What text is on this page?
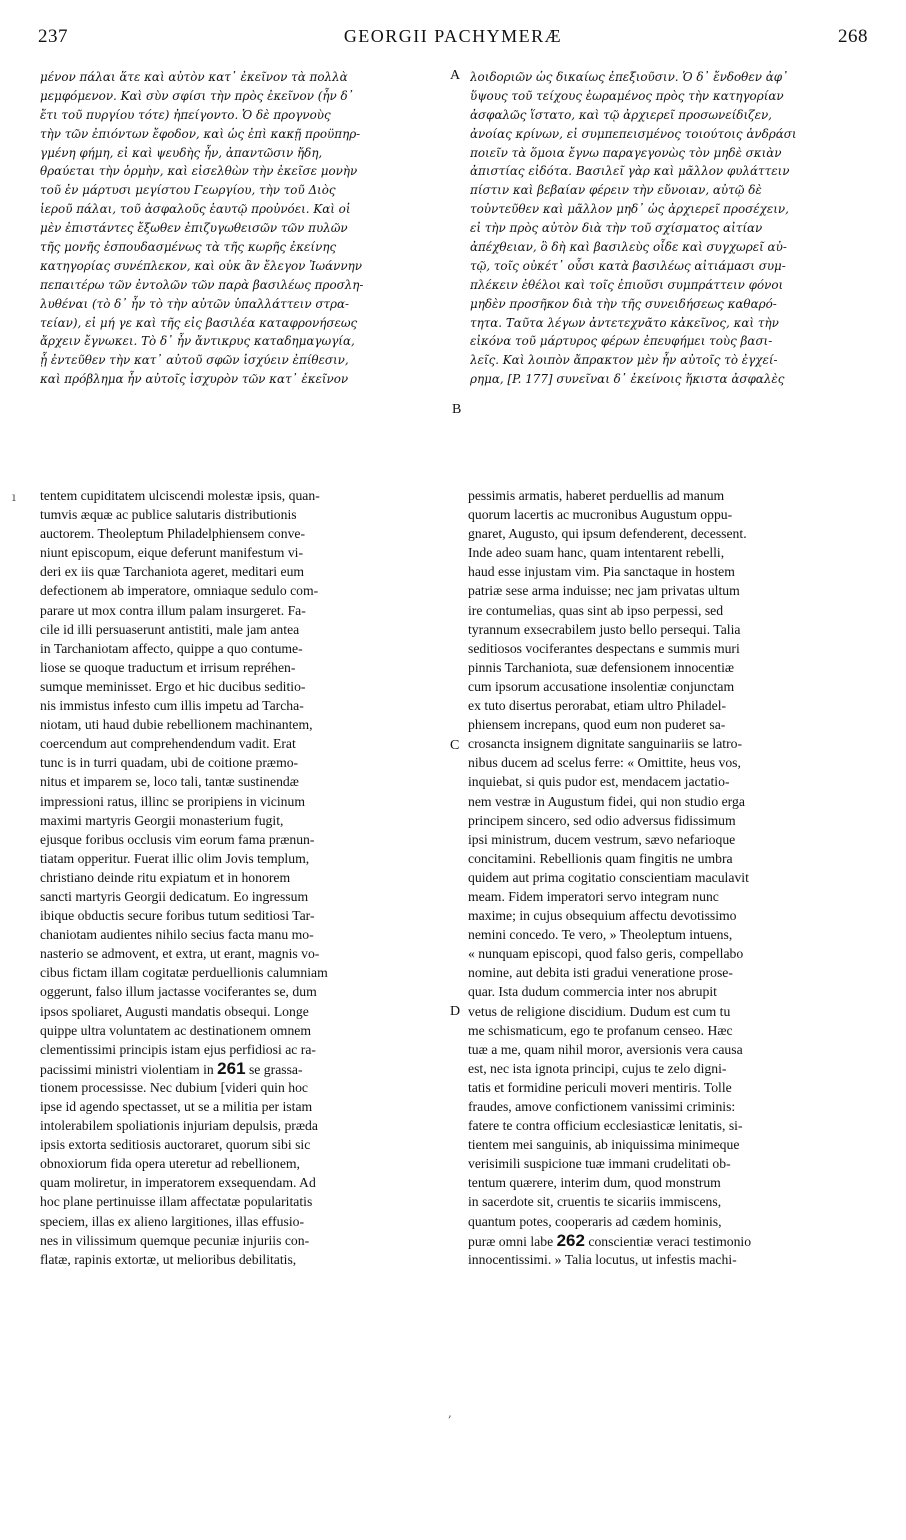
237	GEORGII PACHYMERÆ	268
μένον πάλαι ἅτε καὶ αὐτὸν κατ᾽ ἐκεῖνον τὰ πολλὰ
μεμφόμενον. Καὶ σὺν σφίσι τὴν πρὸς ἐκεῖνον (ἦν δ᾽
ἔτι τοῦ πυργίου τότε) ἠπείγοντο. Ὁ δὲ προγνοὺς
τὴν τῶν ἐπιόντων ἔφοδον, καὶ ὡς ἐπὶ κακῇ προϋπηρ-
γμένη φήμη, εἰ καὶ ψευδὴς ἦν, ἀπαντῶσιν ἤδη,
θραύεται τὴν ὁρμὴν, καὶ εἰσελθὼν τὴν ἐκεῖσε μονὴν
τοῦ ἐν μάρτυσι μεγίστου Γεωργίου, τὴν τοῦ Διὸς
ἱεροῦ πάλαι, τοῦ ἀσφαλοῦς ἑαυτῷ προὐνόει. Καὶ οἱ
μὲν ἐπιστάντες ἔξωθεν ἐπιζυγωθεισῶν τῶν πυλῶν
τῆς μονῆς ἐσπουδασμένως τὰ τῆς κωρῆς ἐκείνης
κατηγορίας συνέπλεκον, καὶ οὐκ ἂν ἔλεγον Ἰωάννην
πεπαιτέρω τῶν ἐντολῶν τῶν παρὰ βασιλέως προσλη-
λυθέναι (τὸ δ᾽ ἦν τὸ τὴν αὐτῶν ὑπαλλάττειν στρα-
τείαν), εἰ μή γε καὶ τῆς εἰς βασιλέα καταφρονήσεως
ἄρχειν ἔγνωκει. Τὸ δ᾽ ἦν ἄντικρυς καταδημαγωγία,
ᾗ ἐντεῦθεν τὴν κατ᾽ αὐτοῦ σφῶν ἰσχύειν ἐπίθεσιν,
καὶ πρόβλημα ἦν αὐτοῖς ἰσχυρὸν τῶν κατ᾽ ἐκεῖνον
λοιδοριῶν ὡς δικαίως ἐπεξιοῦσιν. Ὁ δ᾽ ἔνδοθεν ἀφ᾽
ὕψους τοῦ τείχους ἑωραμένος πρὸς τὴν κατηγορίαν
ἀσφαλῶς ἵστατο, καὶ τῷ ἀρχιερεῖ προσωνείδιζεν,
ἀνοίας κρίνων, εἰ συμπεπεισμένος τοιούτοις ἀνδράσι
ποιεῖν τὰ ὅμοια ἔγνω παραγεγονὼς τὸν μηδὲ σκιὰν
ἀπιστίας εἰδότα. Βασιλεῖ γὰρ καὶ μᾶλλον φυλάττειν
πίστιν καὶ βεβαίαν φέρειν τὴν εὔνοιαν, αὐτῷ δὲ
τοὐντεῦθεν καὶ μᾶλλον μηδ᾽ ὡς ἀρχιερεῖ προσέχειν,
εἰ τὴν πρὸς αὐτὸν διὰ τὴν τοῦ σχίσματος αἰτίαν
ἀπέχθειαν, ὃ δὴ καὶ βασιλεὺς οἶδε καὶ συγχωρεῖ αὐ-
τῷ, τοῖς οὐκέτ᾽ οὖσι κατὰ βασιλέως αἰτιάμασι συμ-
πλέκειν ἐθέλοι καὶ τοῖς ἐπιοῦσι συμπράττειν φόνοι
μηδὲν προσῆκον διὰ τὴν τῆς συνειδήσεως καθαρό-
τητα. Ταῦτα λέγων ἀντετεχνᾶτο κἀκεῖνος, καὶ τὴν
εἰκόνα τοῦ μάρτυρος φέρων ἐπευφήμει τοὺς βασι-
λεῖς. Καὶ λοιπὸν ἄπρακτον μὲν ἦν αὐτοῖς τὸ ἐγχεί-
ρημα, [P. 177] συνεῖναι δ᾽ ἐκείνοις ἥκιστα ἀσφαλὲς
tentem cupiditatem ulciscendi molestæ ipsis, quan-
tumvis æquæ ac publice salutaris distributionis
auctorem. Theoleptum Philadelphiensem conve-
niunt episcopum, eique deferunt manifestum vi-
deri ex iis quæ Tarchaniota ageret, meditari eum
defectionem ab imperatore, omniaque sedulo com-
parare ut mox contra illum palam insurgeret. Fa-
cile id illi persuaserunt antistiti, male jam antea
in Tarchaniotam affecto, quippe a quo contume-
liose se quoque traductum et irrisum repréhen-
sumque meminisset. Ergo et hic ducibus seditio-
nis immistus infesto cum illis impetu ad Tarcha-
niotam, uti haud dubie rebellionem machinantem,
coercendum aut comprehendendum vadit. Erat
tunc is in turri quadam, ubi de coitione præmo-
nitus et imparem se, loco tali, tantæ sustinendæ
impressioni ratus, illinc se proripiens in vicinum
maximi martyris Georgii monasterium fugit,
ejusque foribus occlusis vim eorum fama prænun-
tiatam opperitur. Fuerat illic olim Jovis templum,
christiano deinde ritu expiatum et in honorem
sancti martyris Georgii dedicatum. Eo ingressum
ibique obductis secure foribus tutum seditiosi Tar-
chaniotam audientes nihilo secius facta manu mo-
nasterio se admovent, et extra, ut erant, magnis vo-
cibus fictam illam cogitatæ perduellionis calumniam
oggerunt, falso illum jactasse vociferantes se, dum
ipsos spoliaret, Augusti mandatis obsequi. Longe
quippe ultra voluntatem ac destinationem omnem
clementissimi principis istam ejus perfidiosi ac ra-
pacissimi ministri violentiam in 261 se grassa-
tionem processisse. Nec dubium [videri quin hoc
ipse id agendo spectasset, ut se a militia per istam
intolerabilem spoliationis injuriam depulsis, præda
ipsis extorta seditiosis auctoraret, quorum sibi sic
obnoxiorum fida opera uteretur ad rebellionem,
quam moliretur, in imperatorem exsequendam. Ad
hoc plane pertinuisse illam affectatæ popularitatis
speciem, illas ex alieno largitiones, illas effusio-
nes in vilissimum quemque pecuniæ injuriis con-
flatæ, rapinis extortæ, ut melioribus debilitatis,
pessimis armatis, haberet perduellis ad manum
quorum lacertis ac mucronibus Augustum oppu-
gnaret, Augusto, qui ipsum defenderent, decessent.
Inde adeo suam hanc, quam intentarent rebelli,
haud esse injustam vim. Pia sanctaque in hostem
patriæ sese arma induisse; nec jam privatas ultum
ire contumelias, quas sint ab ipso perpessi, sed
tyrannum exsecrabilem justo bello persequi. Talia
seditiosos vociferantes despectans e summis muri
pinnis Tarchaniota, suæ defensionem innocentiæ
cum ipsorum accusatione insolentiæ conjunctam
ex tuto disertus perorabat, etiam ultro Philadel-
phiensem increpans, quod eum non puderet sa-
crosancta insignem dignitate sanguinariis se latro-
nibus ducem ad scelus ferre: « Omittite, heus vos,
inquiebat, si quis pudor est, mendacem jactatio-
nem vestræ in Augustum fidei, qui non studio erga
principem sincero, sed odio adversus fidissimum
ipsi ministrum, ducem vestrum, sævo nefarioque
concitamini. Rebellionis quam fingitis ne umbra
quidem aut prima cogitatio conscientiam maculavit
meam. Fidem imperatori servo integram nunc
maxime; in cujus obsequium affectu devotissimo
nemini concedo. Te vero, » Theoleptum intuens,
« nunquam episcopi, quod falso geris, compellabo
nomine, aut debita isti gradui veneratione prose-
quar. Ista dudum commercia inter nos abrupit
vetus de religione discidium. Dudum est cum tu
me schismaticum, ego te profanum censeo. Hæc
tuæ a me, quam nihil moror, aversionis vera causa
est, nec ista ignota principi, cujus te zelo digni-
tatis et formidine periculi moveri mentiris. Tolle
fraudes, amove confictionem vanissimi criminis:
fatere te contra officium ecclesiasticæ lenitatis, si-
tientem mei sanguinis, ab iniquissima minimeque
verisimili suspicione tuæ immani crudelitati ob-
tentum quærere, interim dum, quod monstrum
in sacerdote sit, cruentis te sicariis immiscens,
quantum potes, cooperaris ad cædem hominis,
puræ omni labe 262 conscientiæ veraci testimonio
innocentissimi. » Talia locutus, ut infestis machi-
A
B
C
D
ı
,
